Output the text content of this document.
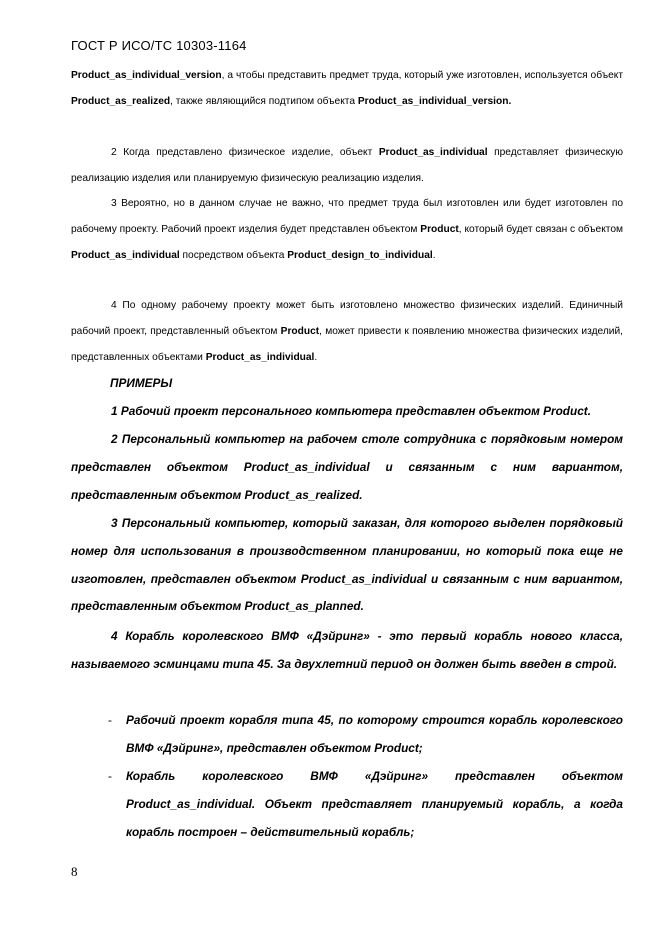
ГОСТ Р ИСО/ТС 10303-1164
Product_as_individual_version, а чтобы представить предмет труда, который уже изготовлен, используется объект Product_as_realized, также являющийся подтипом объекта Product_as_individual_version.
2 Когда представлено физическое изделие, объект Product_as_individual представляет физическую реализацию изделия или планируемую физическую реализацию изделия.
3 Вероятно, но в данном случае не важно, что предмет труда был изготовлен или будет изготовлен по рабочему проекту. Рабочий проект изделия будет представлен объектом Product, который будет связан с объектом Product_as_individual посредством объекта Product_design_to_individual.
4 По одному рабочему проекту может быть изготовлено множество физических изделий. Единичный рабочий проект, представленный объектом Product, может привести к появлению множества физических изделий, представленных объектами Product_as_individual.
ПРИМЕРЫ
1 Рабочий проект персонального компьютера представлен объектом Product.
2 Персональный компьютер на рабочем столе сотрудника с порядковым номером представлен объектом Product_as_individual и связанным с ним вариантом, представленным объектом Product_as_realized.
3 Персональный компьютер, который заказан, для которого выделен порядковый номер для использования в производственном планировании, но который пока еще не изготовлен, представлен объектом Product_as_individual и связанным с ним вариантом, представленным объектом Product_as_planned.
4 Корабль королевского ВМФ «Дэйринг» - это первый корабль нового класса, называемого эсминцами типа 45. За двухлетний период он должен быть введен в строй.
- Рабочий проект корабля типа 45, по которому строится корабль королевского ВМФ «Дэйринг», представлен объектом Product;
- Корабль королевского ВМФ «Дэйринг» представлен объектом Product_as_individual. Объект представляет планируемый корабль, а когда корабль построен – действительный корабль;
8
